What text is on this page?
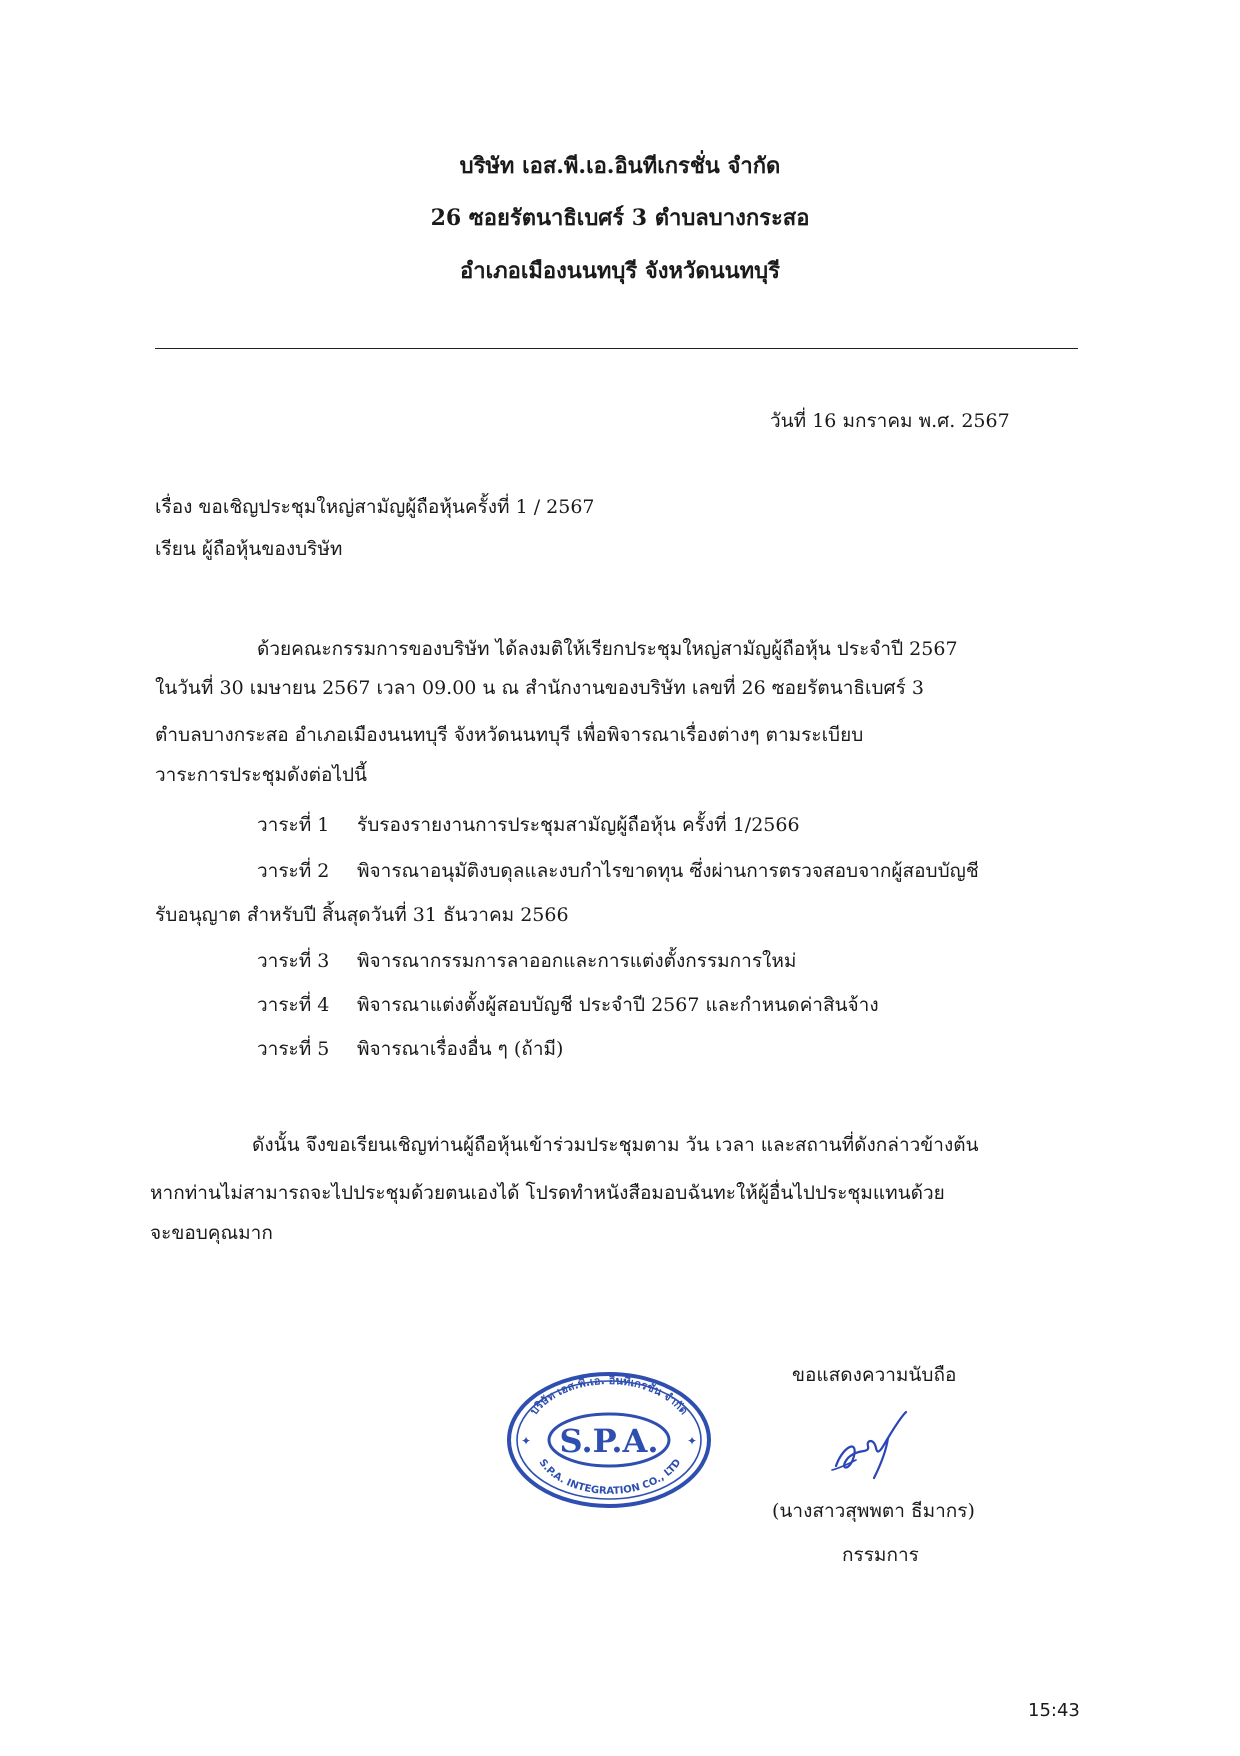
บริษัท เอส.พี.เอ.อินทีเกรชั่น จำกัด
26 ซอยรัตนาธิเบศร์ 3 ตำบลบางกระสอ
อำเภอเมืองนนทบุรี จังหวัดนนทบุรี
วันที่ 16 มกราคม พ.ศ. 2567
เรื่อง ขอเชิญประชุมใหญ่สามัญผู้ถือหุ้นครั้งที่ 1 / 2567
เรียน ผู้ถือหุ้นของบริษัท
ด้วยคณะกรรมการของบริษัท ได้ลงมติให้เรียกประชุมใหญ่สามัญผู้ถือหุ้น ประจำปี 2567
ในวันที่ 30 เมษายน 2567 เวลา 09.00 น ณ สำนักงานของบริษัท เลขที่ 26 ซอยรัตนาธิเบศร์ 3
ตำบลบางกระสอ อำเภอเมืองนนทบุรี จังหวัดนนทบุรี เพื่อพิจารณาเรื่องต่างๆ ตามระเบียบ
วาระการประชุมดังต่อไปนี้
วาระที่ 1 รับรองรายงานการประชุมสามัญผู้ถือหุ้น ครั้งที่ 1/2566
วาระที่ 2 พิจารณาอนุมัติงบดุลและงบกำไรขาดทุน ซึ่งผ่านการตรวจสอบจากผู้สอบบัญชี
รับอนุญาต สำหรับปี สิ้นสุดวันที่ 31 ธันวาคม 2566
วาระที่ 3 พิจารณากรรมการลาออกและการแต่งตั้งกรรมการใหม่
วาระที่ 4 พิจารณาแต่งตั้งผู้สอบบัญชี ประจำปี 2567 และกำหนดค่าสินจ้าง
วาระที่ 5 พิจารณาเรื่องอื่น ๆ (ถ้ามี)
ดังนั้น จึงขอเรียนเชิญท่านผู้ถือหุ้นเข้าร่วมประชุมตาม วัน เวลา และสถานที่ดังกล่าวข้างต้น
หากท่านไม่สามารถจะไปประชุมด้วยตนเองได้ โปรดทำหนังสือมอบฉันทะให้ผู้อื่นไปประชุมแทนด้วย
จะขอบคุณมาก
ขอแสดงความนับถือ
บริษัท เอส.พี.เอ. อินทีเกรชั่น จำกัด
S.P.A. INTEGRATION CO., LTD
S.P.A.
✦	✦
(นางสาวสุพพตา ธีมากร)
กรรมการ
15:43
